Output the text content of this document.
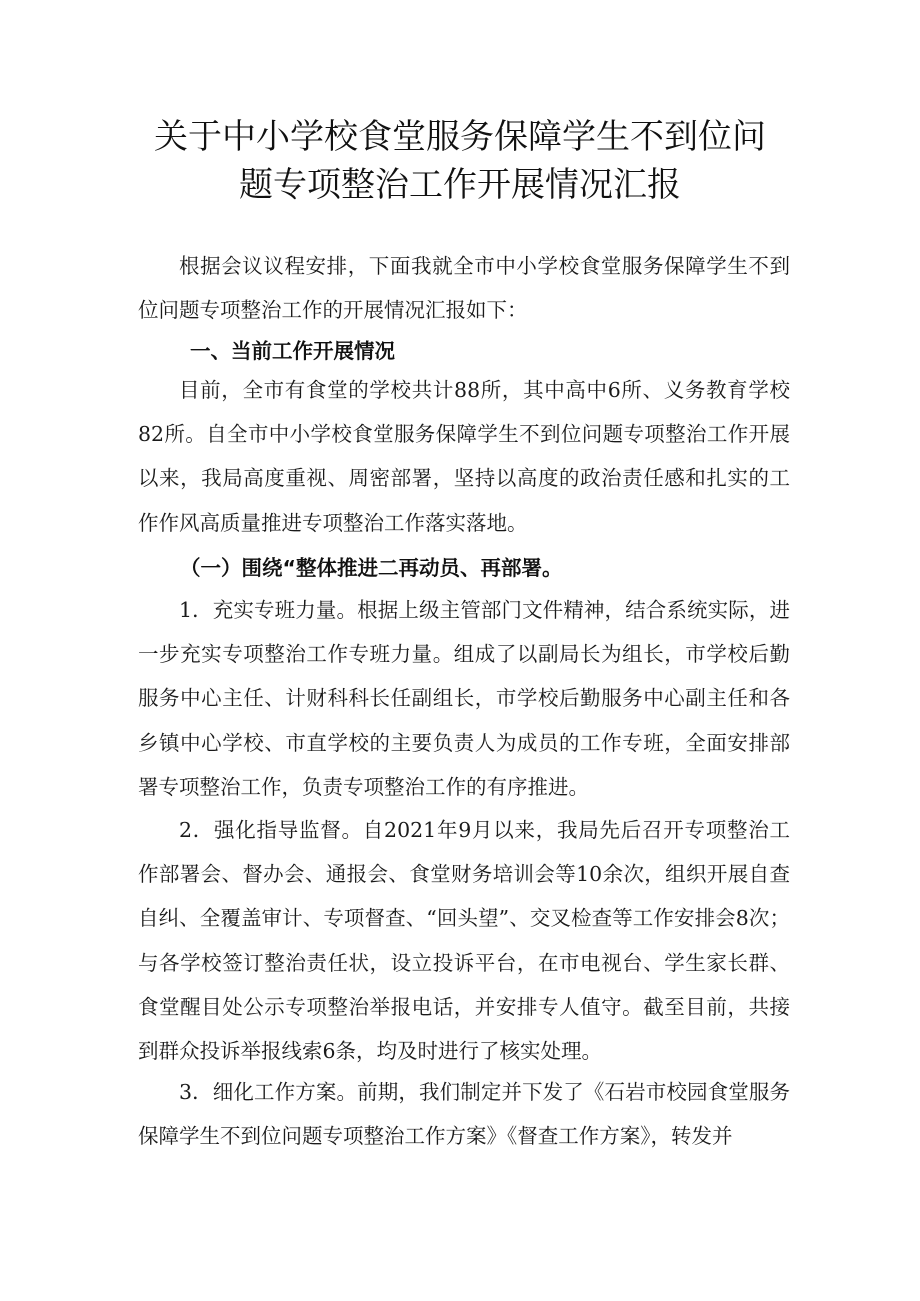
关于中小学校食堂服务保障学生不到位问
题专项整治工作开展情况汇报

根据会议议程安排，下面我就全市中小学校食堂服务保障学生不到位问题专项整治工作的开展情况汇报如下：

一、当前工作开展情况

目前，全市有食堂的学校共计88所，其中高中6所、义务教育学校82所。自全市中小学校食堂服务保障学生不到位问题专项整治工作开展以来，我局高度重视、周密部署，坚持以高度的政治责任感和扎实的工作作风高质量推进专项整治工作落实落地。

（一）围绕“整体推进二再动员、再部署。

1．充实专班力量。根据上级主管部门文件精神，结合系统实际，进一步充实专项整治工作专班力量。组成了以副局长为组长，市学校后勤服务中心主任、计财科科长任副组长，市学校后勤服务中心副主任和各乡镇中心学校、市直学校的主要负责人为成员的工作专班，全面安排部署专项整治工作，负责专项整治工作的有序推进。

2．强化指导监督。自2021年9月以来，我局先后召开专项整治工作部署会、督办会、通报会、食堂财务培训会等10余次，组织开展自查自纠、全覆盖审计、专项督查、“回头望”、交叉检查等工作安排会8次；与各学校签订整治责任状，设立投诉平台，在市电视台、学生家长群、食堂醒目处公示专项整治举报电话，并安排专人值守。截至目前，共接到群众投诉举报线索6条，均及时进行了核实处理。

3．细化工作方案。前期，我们制定并下发了《石岩市校园食堂服务保障学生不到位问题专项整治工作方案》《督查工作方案》，转发并
